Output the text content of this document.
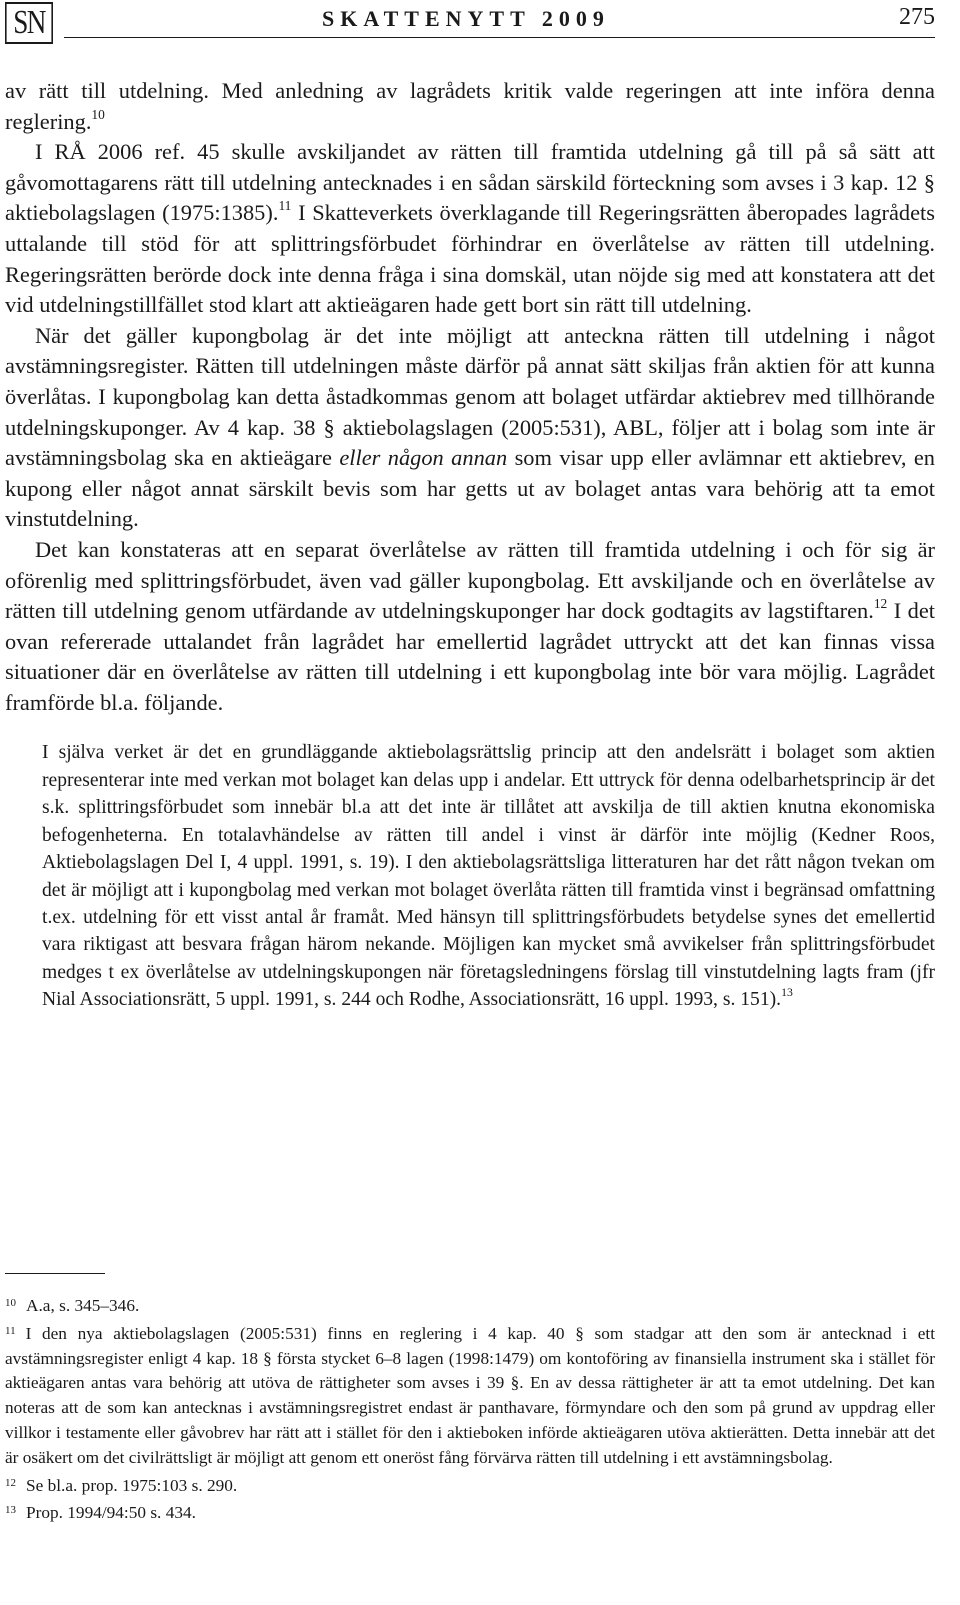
SN	SKATTENYTT 2009	275

av rätt till utdelning. Med anledning av lagrådets kritik valde regeringen att inte införa denna reglering.$^{10}$

I RÅ 2006 ref. 45 skulle avskiljandet av rätten till framtida utdelning gå till på så sätt att gåvomottagarens rätt till utdelning antecknades i en sådan särskild förteckning som avses i 3 kap. 12 § aktiebolagslagen (1975:1385).$^{11}$ I Skatteverkets överklagande till Regeringsrätten åberopades lagrådets uttalande till stöd för att splittringsförbudet förhindrar en överlåtelse av rätten till utdelning. Regeringsrätten berörde dock inte denna fråga i sina domskäl, utan nöjde sig med att konstatera att det vid utdelningstillfället stod klart att aktieägaren hade gett bort sin rätt till utdelning.

När det gäller kupongbolag är det inte möjligt att anteckna rätten till utdelning i något avstämningsregister. Rätten till utdelningen måste därför på annat sätt skiljas från aktien för att kunna överlåtas. I kupongbolag kan detta åstadkommas genom att bolaget utfärdar aktiebrev med tillhörande utdelningskuponger. Av 4 kap. 38 § aktiebolagslagen (2005:531), ABL, följer att i bolag som inte är avstämningsbolag ska en aktieägare eller någon annan som visar upp eller avlämnar ett aktiebrev, en kupong eller något annat särskilt bevis som har getts ut av bolaget antas vara behörig att ta emot vinstutdelning.

Det kan konstateras att en separat överlåtelse av rätten till framtida utdelning i och för sig är oförenlig med splittringsförbudet, även vad gäller kupongbolag. Ett avskiljande och en överlåtelse av rätten till utdelning genom utfärdande av utdelningskuponger har dock godtagits av lagstiftaren.$^{12}$ I det ovan refererade uttalandet från lagrådet har emellertid lagrådet uttryckt att det kan finnas vissa situationer där en överlåtelse av rätten till utdelning i ett kupongbolag inte bör vara möjlig. Lagrådet framförde bl.a. följande.

I själva verket är det en grundläggande aktiebolagsrättslig princip att den andelsrätt i bolaget som aktien representerar inte med verkan mot bolaget kan delas upp i andelar. Ett uttryck för denna odelbarhetsprincip är det s.k. splittringsförbudet som innebär bl.a att det inte är tillåtet att avskilja de till aktien knutna ekonomiska befogenheterna. En totalavhändelse av rätten till andel i vinst är därför inte möjlig (Kedner Roos, Aktiebolagslagen Del I, 4 uppl. 1991, s. 19). I den aktiebolagsrättsliga litteraturen har det rått någon tvekan om det är möjligt att i kupongbolag med verkan mot bolaget överlåta rätten till framtida vinst i begränsad omfattning t.ex. utdelning för ett visst antal år framåt. Med hänsyn till splittringsförbudets betydelse synes det emellertid vara riktigast att besvara frågan härom nekande. Möjligen kan mycket små avvikelser från splittringsförbudet medges t ex överlåtelse av utdelningskupongen när företagsledningens förslag till vinstutdelning lagts fram (jfr Nial Associationsrätt, 5 uppl. 1991, s. 244 och Rodhe, Associationsrätt, 16 uppl. 1993, s. 151).$^{13}$

$^{10}$ A.a, s. 345–346.

$^{11}$ I den nya aktiebolagslagen (2005:531) finns en reglering i 4 kap. 40 § som stadgar att den som är antecknad i ett avstämningsregister enligt 4 kap. 18 § första stycket 6–8 lagen (1998:1479) om kontoföring av finansiella instrument ska i stället för aktieägaren antas vara behörig att utöva de rättigheter som avses i 39 §. En av dessa rättigheter är att ta emot utdelning. Det kan noteras att de som kan antecknas i avstämningsregistret endast är panthavare, förmyndare och den som på grund av uppdrag eller villkor i testamente eller gåvobrev har rätt att i stället för den i aktieboken införde aktieägaren utöva aktierätten. Detta innebär att det är osäkert om det civilrättsligt är möjligt att genom ett oneröst fång förvärva rätten till utdelning i ett avstämningsbolag.

$^{12}$ Se bl.a. prop. 1975:103 s. 290.

$^{13}$ Prop. 1994/94:50 s. 434.
